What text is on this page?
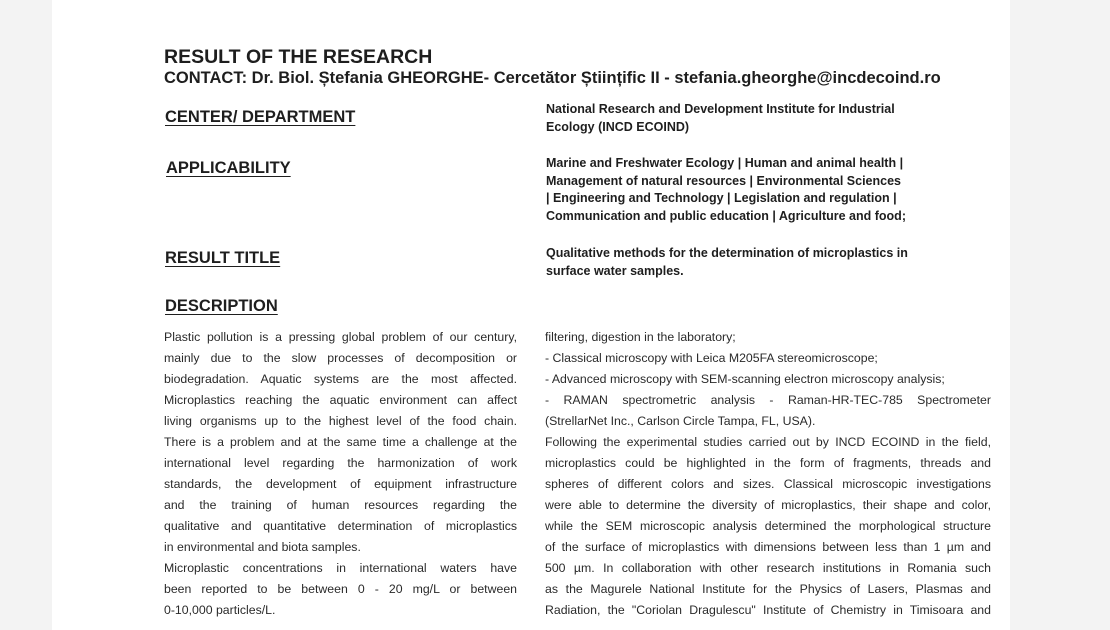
RESULT OF THE RESEARCH
CONTACT: Dr. Biol. Ștefania GHEORGHE- Cercetător Științific II - stefania.gheorghe@incdecoind.ro
CENTER/ DEPARTMENT	National Research and Development Institute for Industrial
Ecology (INCD ECOIND)
APPLICABILITY	Marine and Freshwater Ecology | Human and animal health |
Management of natural resources | Environmental Sciences
| Engineering and Technology | Legislation and regulation |
Communication and public education | Agriculture and food;
RESULT TITLE	Qualitative methods for the determination of microplastics in
surface water samples.
DESCRIPTION
Plastic pollution is a pressing global problem of our century,
mainly due to the slow processes of decomposition or
biodegradation. Aquatic systems are the most affected.
Microplastics reaching the aquatic environment can affect
living organisms up to the highest level of the food chain.
There is a problem and at the same time a challenge at the
international level regarding the harmonization of work
standards, the development of equipment infrastructure
and the training of human resources regarding the
qualitative and quantitative determination of microplastics
in environmental and biota samples.
Microplastic concentrations in international waters have
been reported to be between 0 - 20 mg/L or between
0-10,000 particles/L.
filtering, digestion in the laboratory;
- Classical microscopy with Leica M205FA stereomicroscope;
- Advanced microscopy with SEM-scanning electron microscopy analysis;
- RAMAN spectrometric analysis - Raman-HR-TEC-785 Spectrometer
(StrellarNet Inc., Carlson Circle Tampa, FL, USA).
Following the experimental studies carried out by INCD ECOIND in the field,
microplastics could be highlighted in the form of fragments, threads and
spheres of different colors and sizes. Classical microscopic investigations
were able to determine the diversity of microplastics, their shape and color,
while the SEM microscopic analysis determined the morphological structure
of the surface of microplastics with dimensions between less than 1 µm and
500 µm. In collaboration with other research institutions in Romania such
as the Magurele National Institute for the Physics of Lasers, Plasmas and
Radiation, the "Coriolan Dragulescu" Institute of Chemistry in Timisoara and
